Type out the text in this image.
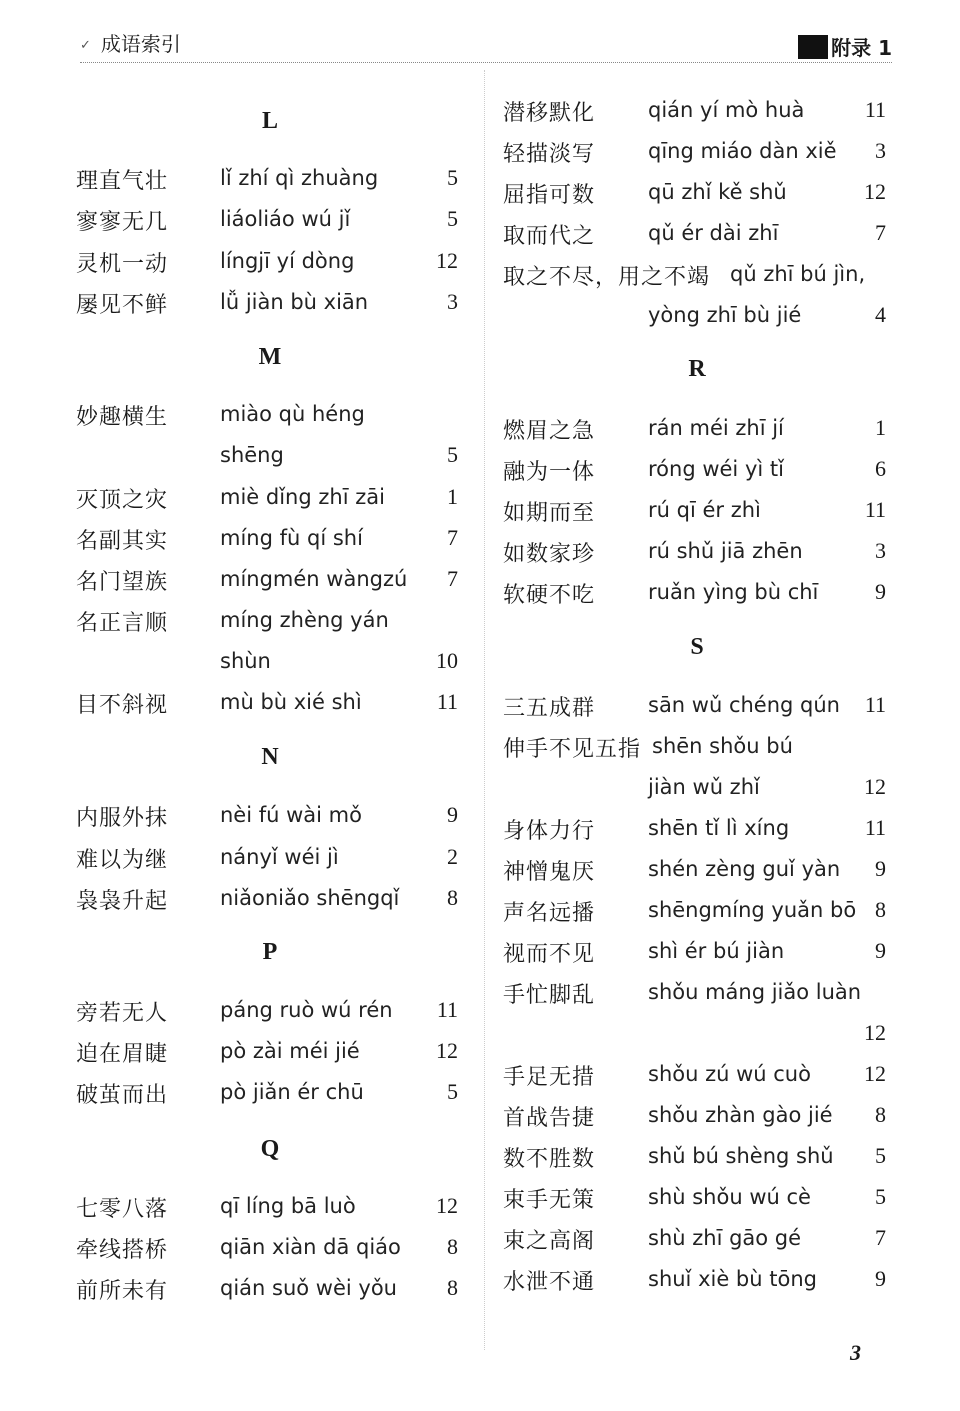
✓ 成语索引	附录 1
L
理直气壮 lǐ zhí qì zhuàng	5
寥寥无几 liáoliáo wú jǐ	5
灵机一动 língjī yí dòng	12
屡见不鲜 lǚ jiàn bù xiān	3
M
妙趣横生 miào qù héng
shēng	5
灭顶之灾 miè dǐng zhī zāi	1
名副其实 míng fù qí shí	7
名门望族 míngmén wàngzú	7
名正言顺 míng zhèng yán
shùn	10
目不斜视 mù bù xié shì	11
N
内服外抹 nèi fú wài mǒ	9
难以为继 nányǐ wéi jì	2
袅袅升起 niǎoniǎo shēngqǐ	8
P
旁若无人 páng ruò wú rén	11
迫在眉睫 pò zài méi jié	12
破茧而出 pò jiǎn ér chū	5
Q
七零八落 qī líng bā luò	12
牵线搭桥 qiān xiàn dā qiáo	8
前所未有 qián suǒ wèi yǒu	8
潜移默化	qián yí mò huà	11
轻描淡写	qīng miáo dàn xiě	3
屈指可数	qū zhǐ kě shǔ	12
取而代之	qǔ ér dài zhī	7
取之不尽，用之不竭 qǔ zhī bú jìn,
yòng zhī bù jié	4
R
燃眉之急	rán méi zhī jí	1
融为一体	róng wéi yì tǐ	6
如期而至	rú qī ér zhì	11
如数家珍	rú shǔ jiā zhēn	3
软硬不吃	ruǎn yìng bù chī	9
S
三五成群	sān wǔ chéng qún	11
伸手不见五指 shēn shǒu bú
jiàn wǔ zhǐ	12
身体力行	shēn tǐ lì xíng	11
神憎鬼厌	shén zèng guǐ yàn	9
声名远播	shēngmíng yuǎn bō 8
视而不见	shì ér bú jiàn	9
手忙脚乱	shǒu máng jiǎo luàn
12
手足无措	shǒu zú wú cuò	12
首战告捷	shǒu zhàn gào jié	8
数不胜数	shǔ bú shèng shǔ	5
束手无策	shù shǒu wú cè	5
束之高阁	shù zhī gāo gé	7
水泄不通	shuǐ xiè bù tōng	9
3
